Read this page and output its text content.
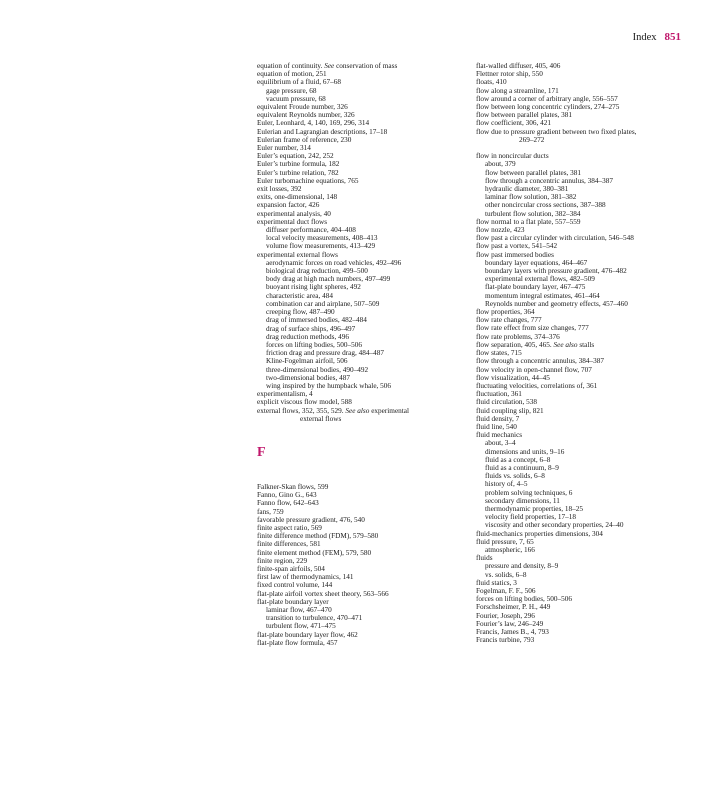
Index 851
equation of continuity. See conservation of mass
equation of motion, 251
equilibrium of a fluid, 67–68
gage pressure, 68
vacuum pressure, 68
equivalent Froude number, 326
equivalent Reynolds number, 326
Euler, Leonhard, 4, 140, 169, 296, 314
Eulerian and Lagrangian descriptions, 17–18
Eulerian frame of reference, 230
Euler number, 314
Euler’s equation, 242, 252
Euler’s turbine formula, 182
Euler’s turbine relation, 782
Euler turbomachine equations, 765
exit losses, 392
exits, one-dimensional, 148
expansion factor, 426
experimental analysis, 40
experimental duct flows
diffuser performance, 404–408
local velocity measurements, 408–413
volume flow measurements, 413–429
experimental external flows
aerodynamic forces on road vehicles, 492–496
biological drag reduction, 499–500
body drag at high mach numbers, 497–499
buoyant rising light spheres, 492
characteristic area, 484
combination car and airplane, 507–509
creeping flow, 487–490
drag of immersed bodies, 482–484
drag of surface ships, 496–497
drag reduction methods, 496
forces on lifting bodies, 500–506
friction drag and pressure drag, 484–487
Kline-Fogelman airfoil, 506
three-dimensional bodies, 490–492
two-dimensional bodies, 487
wing inspired by the humpback whale, 506
experimentalism, 4
explicit viscous flow model, 588
external flows, 352, 355, 529. See also experimental
external flows
F
Falkner-Skan flows, 599
Fanno, Gino G., 643
Fanno flow, 642–643
fans, 759
favorable pressure gradient, 476, 540
finite aspect ratio, 569
finite difference method (FDM), 579–580
finite differences, 581
finite element method (FEM), 579, 580
finite region, 229
finite-span airfoils, 504
first law of thermodynamics, 141
fixed control volume, 144
flat-plate airfoil vortex sheet theory, 563–566
flat-plate boundary layer
laminar flow, 467–470
transition to turbulence, 470–471
turbulent flow, 471–475
flat-plate boundary layer flow, 462
flat-plate flow formula, 457
flat-walled diffuser, 405, 406
Flettner rotor ship, 550
floats, 410
flow along a streamline, 171
flow around a corner of arbitrary angle, 556–557
flow between long concentric cylinders, 274–275
flow between parallel plates, 381
flow coefficient, 306, 421
flow due to pressure gradient between two fixed plates,
269–272
flow in noncircular ducts
about, 379
flow between parallel plates, 381
flow through a concentric annulus, 384–387
hydraulic diameter, 380–381
laminar flow solution, 381–382
other noncircular cross sections, 387–388
turbulent flow solution, 382–384
flow normal to a flat plate, 557–559
flow nozzle, 423
flow past a circular cylinder with circulation, 546–548
flow past a vortex, 541–542
flow past immersed bodies
boundary layer equations, 464–467
boundary layers with pressure gradient, 476–482
experimental external flows, 482–509
flat-plate boundary layer, 467–475
momentum integral estimates, 461–464
Reynolds number and geometry effects, 457–460
flow properties, 364
flow rate changes, 777
flow rate effect from size changes, 777
flow rate problems, 374–376
flow separation, 405, 465. See also stalls
flow states, 715
flow through a concentric annulus, 384–387
flow velocity in open-channel flow, 707
flow visualization, 44–45
fluctuating velocities, correlations of, 361
fluctuation, 361
fluid circulation, 538
fluid coupling slip, 821
fluid density, 7
fluid line, 540
fluid mechanics
about, 3–4
dimensions and units, 9–16
fluid as a concept, 6–8
fluid as a continuum, 8–9
fluids vs. solids, 6–8
history of, 4–5
problem solving techniques, 6
secondary dimensions, 11
thermodynamic properties, 18–25
velocity field properties, 17–18
viscosity and other secondary properties, 24–40
fluid-mechanics properties dimensions, 304
fluid pressure, 7, 65
atmospheric, 166
fluids
pressure and density, 8–9
vs. solids, 6–8
fluid statics, 3
Fogelman, F. F., 506
forces on lifting bodies, 500–506
Forschsheimer, P. H., 449
Fourier, Joseph, 296
Fourier’s law, 246–249
Francis, James B., 4, 793
Francis turbine, 793
